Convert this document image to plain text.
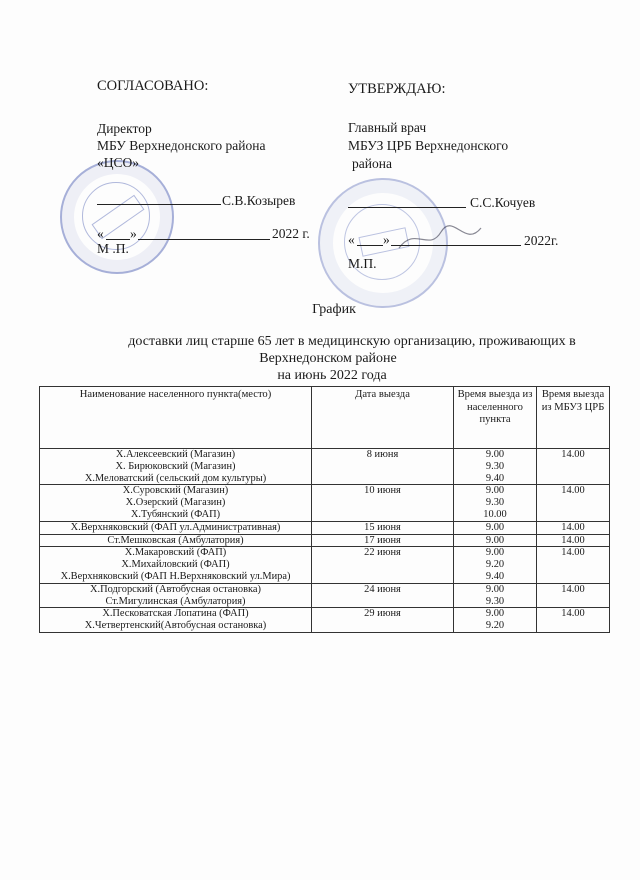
СОГЛАСОВАНО:
Директор
МБУ Верхнедонского района
«ЦСО»
С.В.Козырев
« »	2022 г.
М .П.
УТВЕРЖДАЮ:
Главный врач
МБУЗ ЦРБ Верхнедонского
района
С.С.Кочуев
« »	2022г.
М.П.
График
доставки лиц старше 65 лет в медицинскую организацию, проживающих в
Верхнедонском районе
на июнь 2022 года
Наименование населенного пункта(место)	Дата выезда	Время выезда из населенного пункта	Время выезда из МБУЗ ЦРБ

Х.Алексеевский (Магазин)
Х. Бирюковский (Магазин)
Х.Меловатский (сельский дом культуры)	8 июня	9.00
9.30
9.40	14.00

Х.Суровский (Магазин)
Х.Озерский (Магазин)
Х.Тубянский (ФАП)	10 июня	9.00
9.30
10.00	14.00

Х.Верхняковский (ФАП ул.Административная)	15 июня	9.00	14.00

Ст.Мешковская (Амбулатория)	17 июня	9.00	14.00

Х.Макаровский (ФАП)
Х.Михайловский (ФАП)
Х.Верхняковский (ФАП Н.Верхняковский ул.Мира)	22 июня	9.00
9.20
9.40	14.00

Х.Подгорский (Автобусная остановка)
Ст.Мигулинская (Амбулатория)	24 июня	9.00
9.30	14.00

Х.Песковатская Лопатина (ФАП)
Х.Четвертенский(Автобусная остановка)	29 июня	9.00
9.20	14.00
